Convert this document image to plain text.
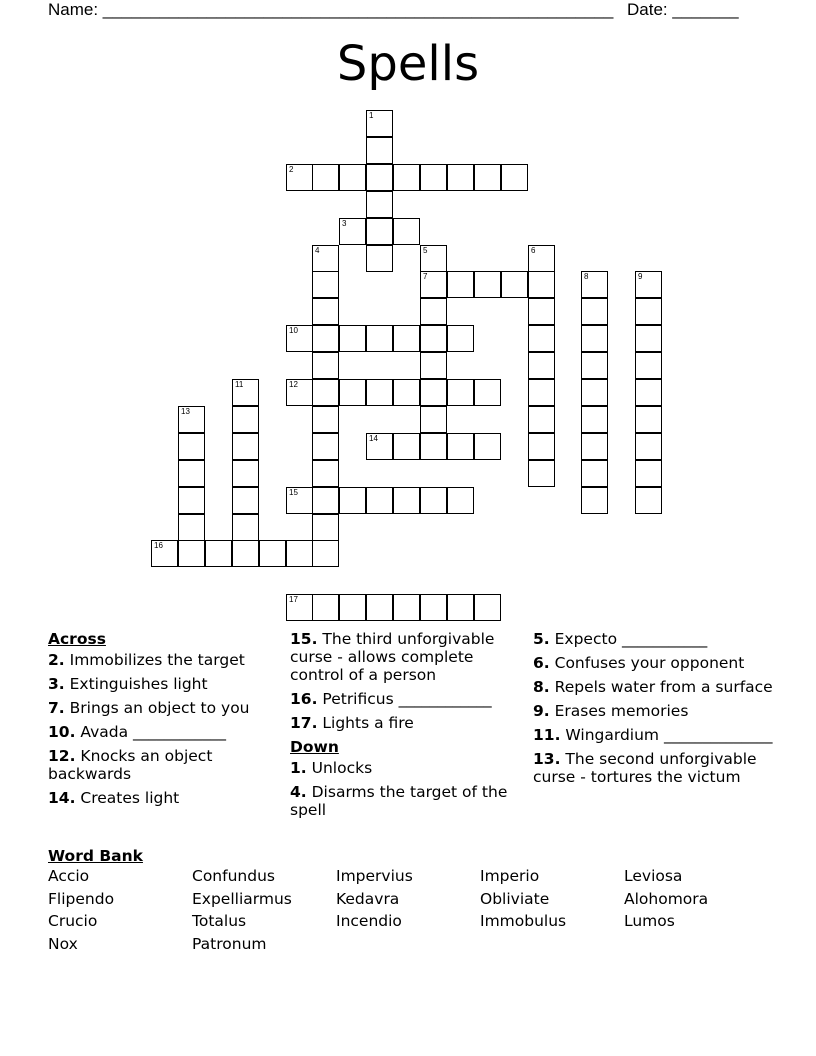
Name: ______________________________________________________ Date: _______
Spells
1
2
3
4	5
7
6
8	9
10
11	12
13
14
15
16
17
Across
2. Immobilizes the target
3. Extinguishes light
7. Brings an object to you
10. Avada ____________
12. Knocks an object backwards
14. Creates light
15. The third unforgivable curse - allows complete control of a person
16. Petrificus ____________
17. Lights a fire
Down
1. Unlocks
4. Disarms the target of the spell
5. Expecto ___________
6. Confuses your opponent
8. Repels water from a surface
9. Erases memories
11. Wingardium ______________
13. The second unforgivable curse - tortures the victum
Word Bank
Accio	Confundus	Impervius	Imperio	Leviosa
Flipendo	Expelliarmus	Kedavra	Obliviate	Alohomora
Crucio	Totalus	Incendio	Immobulus	Lumos
Nox	Patronum
